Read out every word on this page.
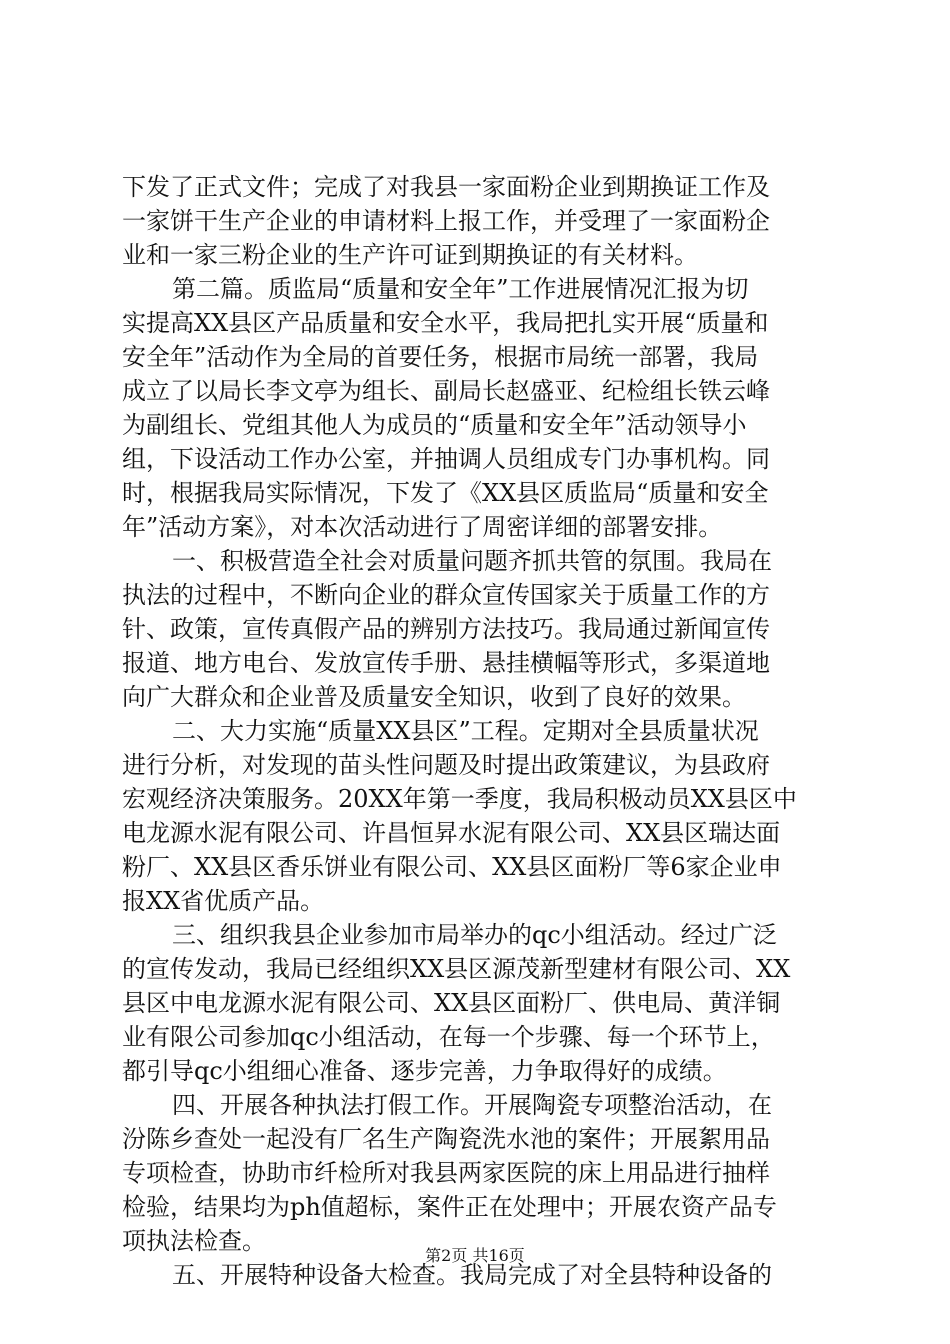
下发了正式文件；完成了对我县一家面粉企业到期换证工作及
一家饼干生产企业的申请材料上报工作，并受理了一家面粉企
业和一家三粉企业的生产许可证到期换证的有关材料。
第二篇。质监局“质量和安全年”工作进展情况汇报为切
实提高XX县区产品质量和安全水平，我局把扎实开展“质量和
安全年”活动作为全局的首要任务，根据市局统一部署，我局
成立了以局长李文亭为组长、副局长赵盛亚、纪检组长铁云峰
为副组长、党组其他人为成员的“质量和安全年”活动领导小
组，下设活动工作办公室，并抽调人员组成专门办事机构。同
时，根据我局实际情况，下发了《XX县区质监局“质量和安全
年”活动方案》，对本次活动进行了周密详细的部署安排。
一、积极营造全社会对质量问题齐抓共管的氛围。我局在
执法的过程中，不断向企业的群众宣传国家关于质量工作的方
针、政策，宣传真假产品的辨别方法技巧。我局通过新闻宣传
报道、地方电台、发放宣传手册、悬挂横幅等形式，多渠道地
向广大群众和企业普及质量安全知识，收到了良好的效果。
二、大力实施“质量XX县区”工程。定期对全县质量状况
进行分析，对发现的苗头性问题及时提出政策建议，为县政府
宏观经济决策服务。20XX年第一季度，我局积极动员XX县区中
电龙源水泥有限公司、许昌恒昇水泥有限公司、XX县区瑞达面
粉厂、XX县区香乐饼业有限公司、XX县区面粉厂等6家企业申
报XX省优质产品。
三、组织我县企业参加市局举办的qc小组活动。经过广泛
的宣传发动，我局已经组织XX县区源茂新型建材有限公司、XX
县区中电龙源水泥有限公司、XX县区面粉厂、供电局、黄洋铜
业有限公司参加qc小组活动，在每一个步骤、每一个环节上，
都引导qc小组细心准备、逐步完善，力争取得好的成绩。
四、开展各种执法打假工作。开展陶瓷专项整治活动，在
汾陈乡查处一起没有厂名生产陶瓷洗水池的案件；开展絮用品
专项检查，协助市纤检所对我县两家医院的床上用品进行抽样
检验，结果均为ph值超标，案件正在处理中；开展农资产品专
项执法检查。
五、开展特种设备大检查。我局完成了对全县特种设备的
第2页 共16页
